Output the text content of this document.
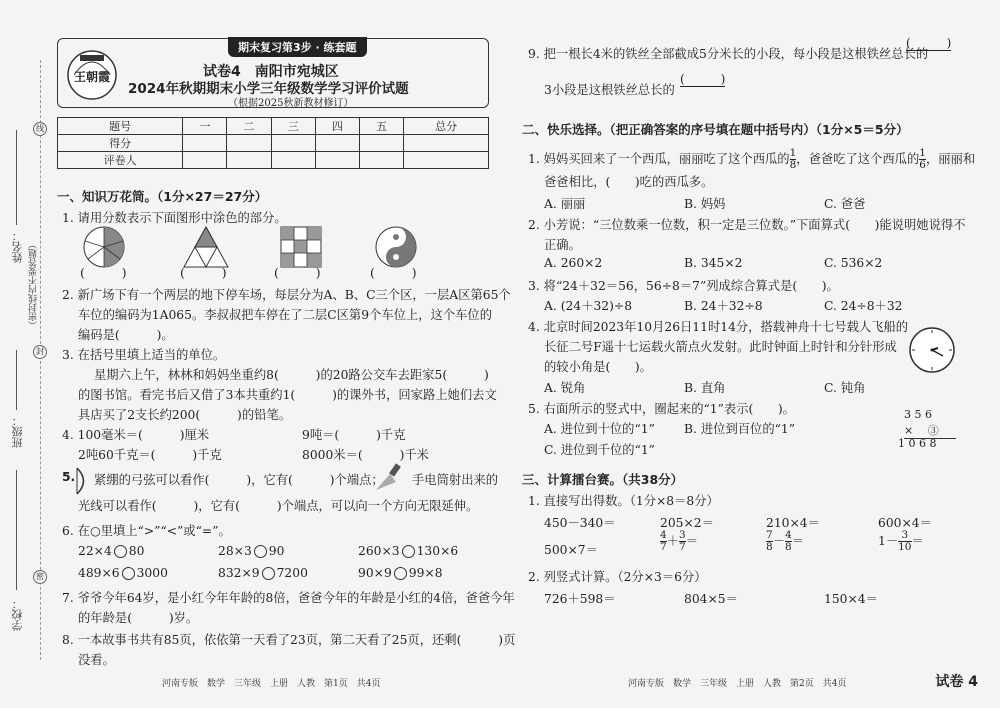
线
封
密
姓名： （密封线内不要答题）
班级：
学校：
期末复习第3步 · 练套题
王朝霞	试卷4　南阳市宛城区
2024年秋期期末小学三年级数学学习评价试题
（根据2025秋新教材修订）
题号	一	二	三	四	五	总分
得分						
评卷人						
一、知识万花筒。（1分×27＝27分）
1. 请用分数表示下面图形中涂色的部分。
(　　　)	(　　　)	(　　　)	(　　　)
2. 新广场下有一个两层的地下停车场，每层分为A、B、C三个区，一层A区第65个
车位的编码为1A065。李叔叔把车停在了二层C区第9个车位上，这个车位的
编码是(　　　)。
3. 在括号里填上适当的单位。
星期六上午，林林和妈妈坐重约8(　　　)的20路公交车去距家5(　　　)
的图书馆。看完书后又借了3本共重约1(　　　)的课外书，回家路上她们去文
具店买了2支长约200(　　　)的铅笔。
4. 100毫米＝(　　　)厘米	9吨＝(　　　)千克
2吨60千克＝(　　　)千克	8000米＝(　　　)千米
5. 紧绷的弓弦可以看作(　　　)，它有(　　　)个端点； 手电筒射出来的
光线可以看作(　　　)，它有(　　　)个端点，可以向一个方向无限延伸。
6. 在○里填上“>”“<”或“=”。
22×4 80	28×3 90	260×3 130×6
489×6 3000	832×9 7200	90×9 99×8
7. 爷爷今年64岁，是小红今年年龄的8倍，爸爸今年的年龄是小红的4倍，爸爸今年
的年龄是(　　　)岁。
8. 一本故事书共有85页，依依第一天看了23页，第二天看了25页，还剩(　　　)页
没看。
河南专版　数学　三年级　上册　人教　第1页　共4页
9. 把一根长4米的铁丝全部截成5分米长的小段，每小段是这根铁丝总长的
(　　　)

3小段是这根铁丝总长的
(　　　)

二、快乐选择。（把正确答案的序号填在题中括号内）（1分×5＝5分）
1. 妈妈买回来了一个西瓜，丽丽吃了这个西瓜的 $\frac{1}{8}$ ，爸爸吃了这个西瓜的 $\frac{1}{6}$ ，丽丽和
爸爸相比，(　　)吃的西瓜多。
A. 丽丽	B. 妈妈	C. 爸爸
2. 小芳说：“三位数乘一位数，积一定是三位数。”下面算式(　　)能说明她说得不
正确。
A. 260×2	B. 345×2	C. 536×2
3. 将“24＋32＝56，56÷8＝7”列成综合算式是(　　)。
A. (24＋32)÷8	B. 24＋32÷8	C. 24÷8＋32
4. 北京时间2023年10月26日11时14分，搭载神舟十七号载人飞船的
长征二号F遥十七运载火箭点火发射。此时钟面上时针和分针形成
的较小角是(　　)。
A. 锐角	B. 直角	C. 钝角
5. 右面所示的竖式中，圈起来的“1”表示(　　)。
A. 进位到十位的“1” B. 进位到百位的“1”
C. 进位到千位的“1”
3 5 6
× 　③
1 0 6 8
三、计算擂台赛。（共38分）
1. 直接写出得数。（1分×8＝8分）
450－340＝	205×2＝	210×4＝	600×4＝
500×7＝	$\frac{4}{7} + \frac{3}{7}$ ＝	$\frac{7}{8} - \frac{4}{8}$ ＝	$1- \frac{3}{10}$ ＝
2. 列竖式计算。（2分×3＝6分）
726＋598＝	804×5＝	150×4＝
河南专版　数学　三年级　上册　人教　第2页　共4页	试卷 4
